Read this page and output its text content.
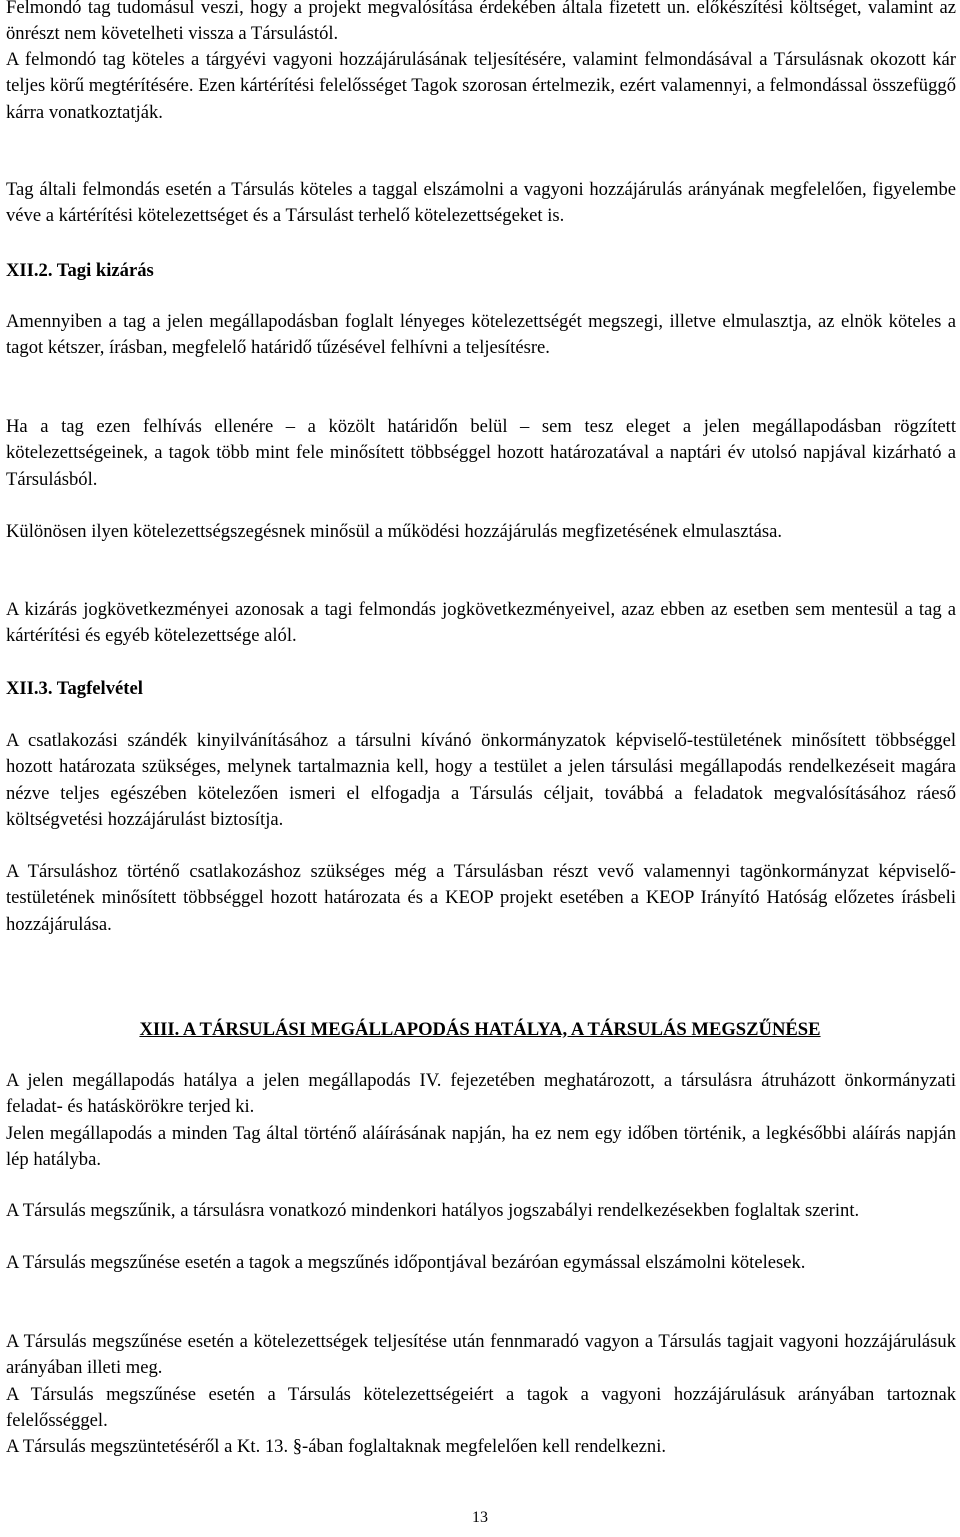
Felmondó tag tudomásul veszi, hogy a projekt megvalósítása érdekében általa fizetett un. előkészítési költséget, valamint az önrészt nem követelheti vissza a Társulástól.

A felmondó tag köteles a tárgyévi vagyoni hozzájárulásának teljesítésére, valamint felmondásával a Társulásnak okozott kár teljes körű megtérítésére. Ezen kártérítési felelősséget Tagok szorosan értelmezik, ezért valamennyi, a felmondással összefüggő kárra vonatkoztatják.

Tag általi felmondás esetén a Társulás köteles a taggal elszámolni a vagyoni hozzájárulás arányának megfelelően, figyelembe véve a kártérítési kötelezettséget és a Társulást terhelő kötelezettségeket is.

XII.2. Tagi kizárás

Amennyiben a tag a jelen megállapodásban foglalt lényeges kötelezettségét megszegi, illetve elmulasztja, az elnök köteles a tagot kétszer, írásban, megfelelő határidő tűzésével felhívni a teljesítésre.

Ha a tag ezen felhívás ellenére – a közölt határidőn belül – sem tesz eleget a jelen megállapodásban rögzített kötelezettségeinek, a tagok több mint fele minősített többséggel hozott határozatával a naptári év utolsó napjával kizárható a Társulásból.

Különösen ilyen kötelezettségszegésnek minősül a működési hozzájárulás megfizetésének elmulasztása.

A kizárás jogkövetkezményei azonosak a tagi felmondás jogkövetkezményeivel, azaz ebben az esetben sem mentesül a tag a kártérítési és egyéb kötelezettsége alól.

XII.3. Tagfelvétel

A csatlakozási szándék kinyilvánításához a társulni kívánó önkormányzatok képviselő-testületének minősített többséggel hozott határozata szükséges, melynek tartalmaznia kell, hogy a testület a jelen társulási megállapodás rendelkezéseit magára nézve teljes egészében kötelezően ismeri el elfogadja a Társulás céljait, továbbá a feladatok megvalósításához ráeső költségvetési hozzájárulást biztosítja.

A Társuláshoz történő csatlakozáshoz szükséges még a Társulásban részt vevő valamennyi tagönkormányzat képviselő-testületének minősített többséggel hozott határozata és a KEOP projekt esetében a KEOP Irányító Hatóság előzetes írásbeli hozzájárulása.

XIII. A TÁRSULÁSI MEGÁLLAPODÁS HATÁLYA, A TÁRSULÁS MEGSZŰNÉSE

A jelen megállapodás hatálya a jelen megállapodás IV. fejezetében meghatározott, a társulásra átruházott önkormányzati feladat- és hatáskörökre terjed ki.

Jelen megállapodás a minden Tag által történő aláírásának napján, ha ez nem egy időben történik, a legkésőbbi aláírás napján lép hatályba.

A Társulás megszűnik, a társulásra vonatkozó mindenkori hatályos jogszabályi rendelkezésekben foglaltak szerint.

A Társulás megszűnése esetén a tagok a megszűnés időpontjával bezáróan egymással elszámolni kötelesek.

A Társulás megszűnése esetén a kötelezettségek teljesítése után fennmaradó vagyon a Társulás tagjait vagyoni hozzájárulásuk arányában illeti meg.

A Társulás megszűnése esetén a Társulás kötelezettségeiért a tagok a vagyoni hozzájárulásuk arányában tartoznak felelősséggel.

A Társulás megszüntetéséről a Kt. 13. §-ában foglaltaknak megfelelően kell rendelkezni.

13
